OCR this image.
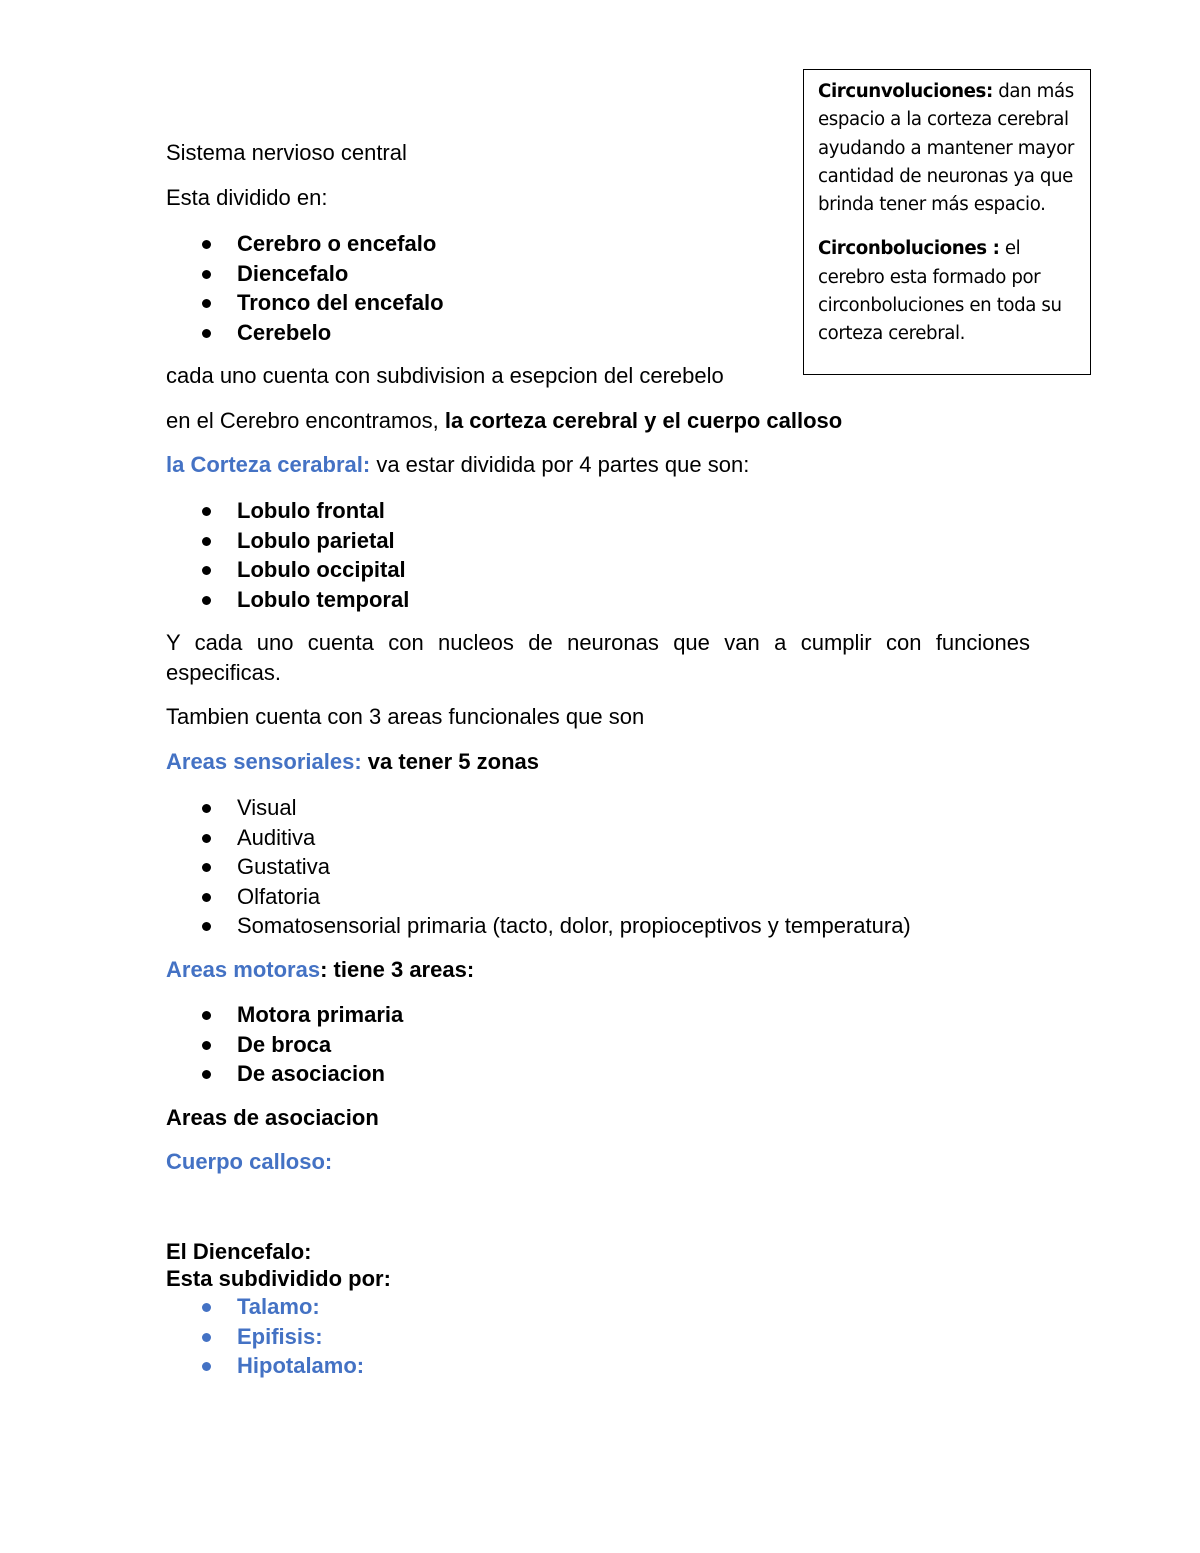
Circunvoluciones: dan más espacio a la corteza cerebral ayudando a mantener mayor cantidad de neuronas ya que brinda tener más espacio.

Circonboluciones : el cerebro esta formado por circonboluciones en toda su corteza cerebral.

Sistema nervioso central

Esta dividido en:

Cerebro o encefalo
Diencefalo
Tronco del encefalo
Cerebelo

cada uno cuenta con subdivision a esepcion del cerebelo

en el Cerebro encontramos, la corteza cerebral y el cuerpo calloso

la Corteza cerabral: va estar dividida por 4 partes que son:

Lobulo frontal
Lobulo parietal
Lobulo occipital
Lobulo temporal

Y cada uno cuenta con nucleos de neuronas que van a cumplir con funciones especificas.

Tambien cuenta con 3 areas funcionales que son

Areas sensoriales: va tener 5 zonas

Visual
Auditiva
Gustativa
Olfatoria
Somatosensorial primaria (tacto, dolor, propioceptivos y temperatura)

Areas motoras: tiene 3 areas:

Motora primaria
De broca
De asociacion

Areas de asociacion

Cuerpo calloso:

El Diencefalo:

Esta subdividido por:

Talamo:
Epifisis:
Hipotalamo:
